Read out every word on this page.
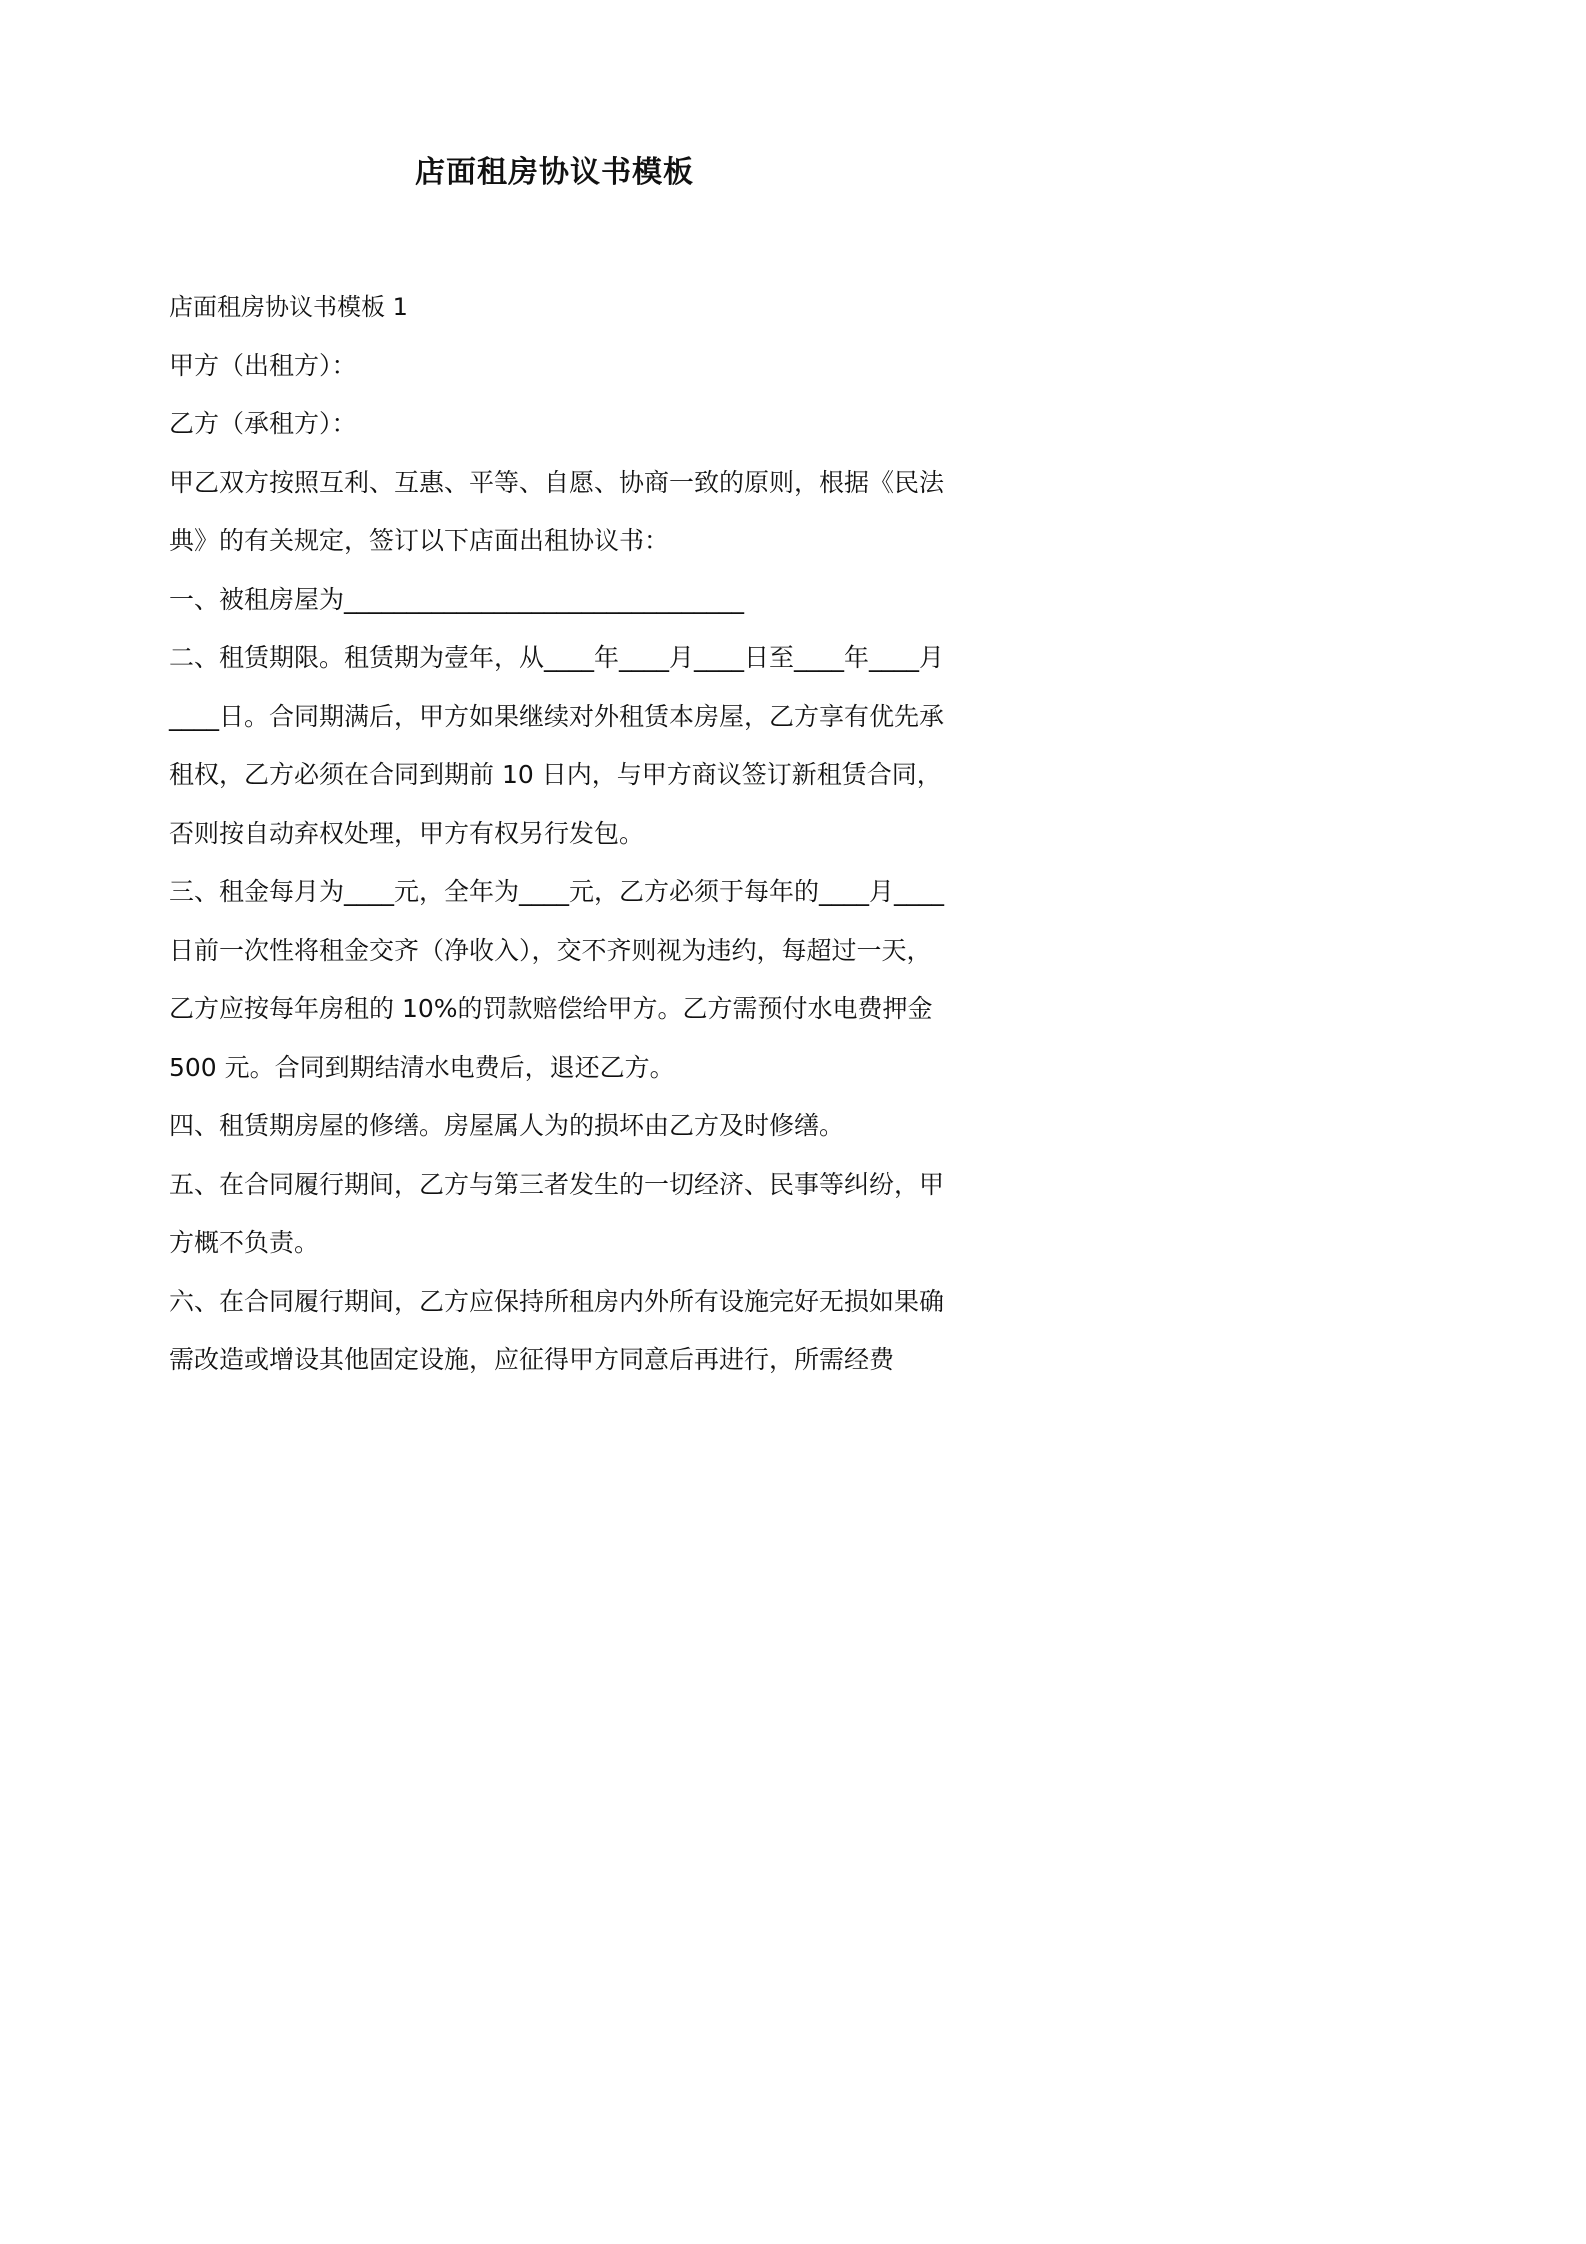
店面租房协议书模板

店面租房协议书模板 1

甲方（出租方）：

乙方（承租方）：

甲乙双方按照互利、互惠、平等、自愿、协商一致的原则，根据《民法典》的有关规定，签订以下店面出租协议书：

一、被租房屋为________________________________

二、租赁期限。租赁期为壹年，从____年____月____日至____年____月____日。合同期满后，甲方如果继续对外租赁本房屋，乙方享有优先承租权，乙方必须在合同到期前 10 日内，与甲方商议签订新租赁合同，否则按自动弃权处理，甲方有权另行发包。

三、租金每月为____元，全年为____元，乙方必须于每年的____月____日前一次性将租金交齐（净收入），交不齐则视为违约，每超过一天，乙方应按每年房租的 10%的罚款赔偿给甲方。乙方需预付水电费押金 500 元。合同到期结清水电费后，退还乙方。

四、租赁期房屋的修缮。房屋属人为的损坏由乙方及时修缮。

五、在合同履行期间，乙方与第三者发生的一切经济、民事等纠纷，甲方概不负责。

六、在合同履行期间，乙方应保持所租房内外所有设施完好无损如果确需改造或增设其他固定设施，应征得甲方同意后再进行，所需经费
